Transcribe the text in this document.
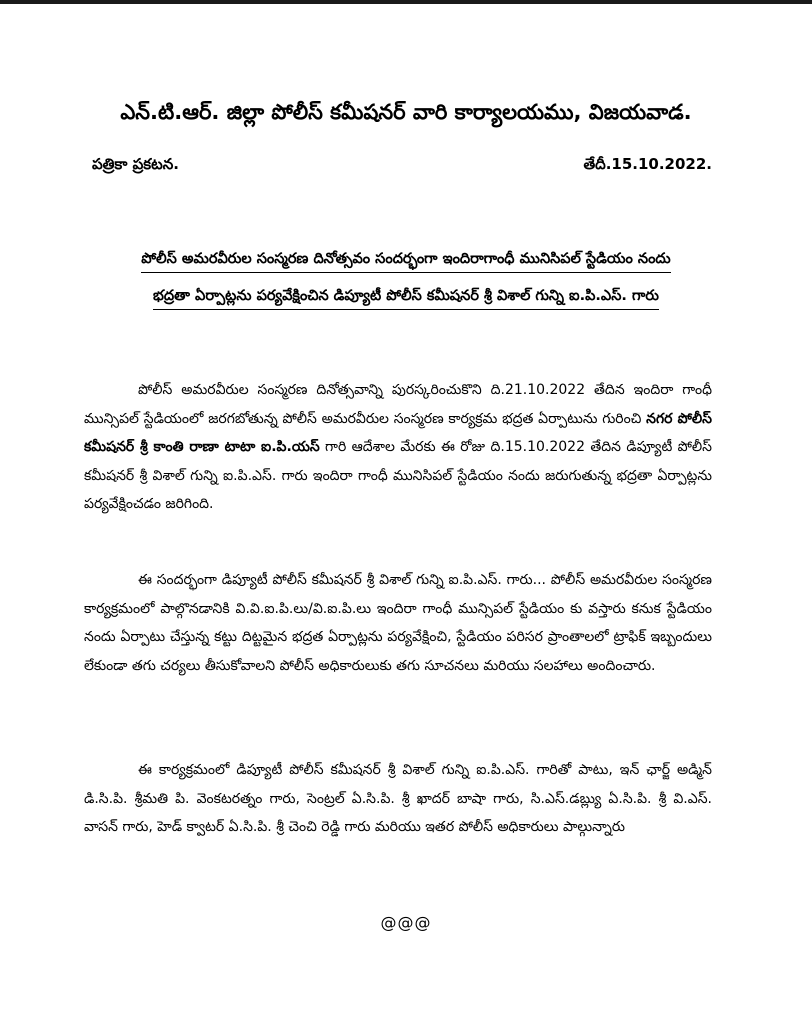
ఎన్.టి.ఆర్. జిల్లా పోలీస్ కమీషనర్ వారి కార్యాలయము, విజయవాడ.
పత్రికా ప్రకటన.	తేదీ.15.10.2022.
పోలీస్ అమరవీరుల సంస్మరణ దినోత్సవం సందర్భంగా ఇందిరాగాంధీ మునిసిపల్ స్టేడియం నందు
భద్రతా ఏర్పాట్లను పర్యవేక్షించిన డిప్యూటీ పోలీస్ కమీషనర్ శ్రీ విశాల్ గున్ని ఐ.పి.ఎస్. గారు

పోలీస్ అమరవీరుల సంస్మరణ దినోత్సవాన్ని పురస్కరించుకొని ది.21.10.2022 తేదిన ఇందిరా గాంధీ మున్సిపల్ స్టేడియంలో జరగబోతున్న పోలీస్ అమరవీరుల సంస్మరణ కార్యక్రమ భద్రత ఏర్పాటును గురించి నగర పోలీస్ కమీషనర్ శ్రీ కాంతి రాణా టాటా ఐ.పి.యస్ గారి ఆదేశాల మేరకు ఈ రోజు ది.15.10.2022 తేదిన డిప్యూటీ పోలీస్ కమీషనర్ శ్రీ విశాల్ గున్ని ఐ.పి.ఎస్. గారు ఇందిరా గాంధీ మునిసిపల్ స్టేడియం నందు జరుగుతున్న భద్రతా ఏర్పాట్లను పర్యవేక్షించడం జరిగింది.

ఈ సందర్భంగా డిప్యూటీ పోలీస్ కమీషనర్ శ్రీ విశాల్ గున్ని ఐ.పి.ఎస్. గారు... పోలీస్ అమరవీరుల సంస్మరణ కార్యక్రమంలో పాల్గొనడానికి వి.వి.ఐ.పి.లు/వి.ఐ.పి.లు ఇందిరా గాంధీ మున్సిపల్ స్టేడియం కు వస్తారు కనుక స్టేడియం నందు ఏర్పాటు చేస్తున్న కట్టు దిట్టమైన భద్రత ఏర్పాట్లను పర్యవేక్షించి, స్టేడియం పరిసర ప్రాంతాలలో ట్రాఫిక్ ఇబ్బందులు లేకుండా తగు చర్యలు తీసుకోవాలని పోలీస్ అధికారులుకు తగు సూచనలు మరియు సలహాలు అందించారు.

ఈ కార్యక్రమంలో డిప్యూటీ పోలీస్ కమీషనర్ శ్రీ విశాల్ గున్ని ఐ.పి.ఎస్. గారితో పాటు, ఇన్ ఛార్జ్ అడ్మిన్ డి.సి.పి. శ్రీమతి పి. వెంకటరత్నం గారు, సెంట్రల్ ఏ.సి.పి. శ్రీ ఖాదర్ బాషా గారు, సి.ఎస్.డబ్ల్యు ఏ.సి.పి. శ్రీ వి.ఎస్. వాసన్ గారు, హెడ్ క్వాటర్ ఏ.సి.పి. శ్రీ చెంచి రెడ్డి గారు మరియు ఇతర పోలీస్ అధికారులు పాల్గున్నారు

@@@
